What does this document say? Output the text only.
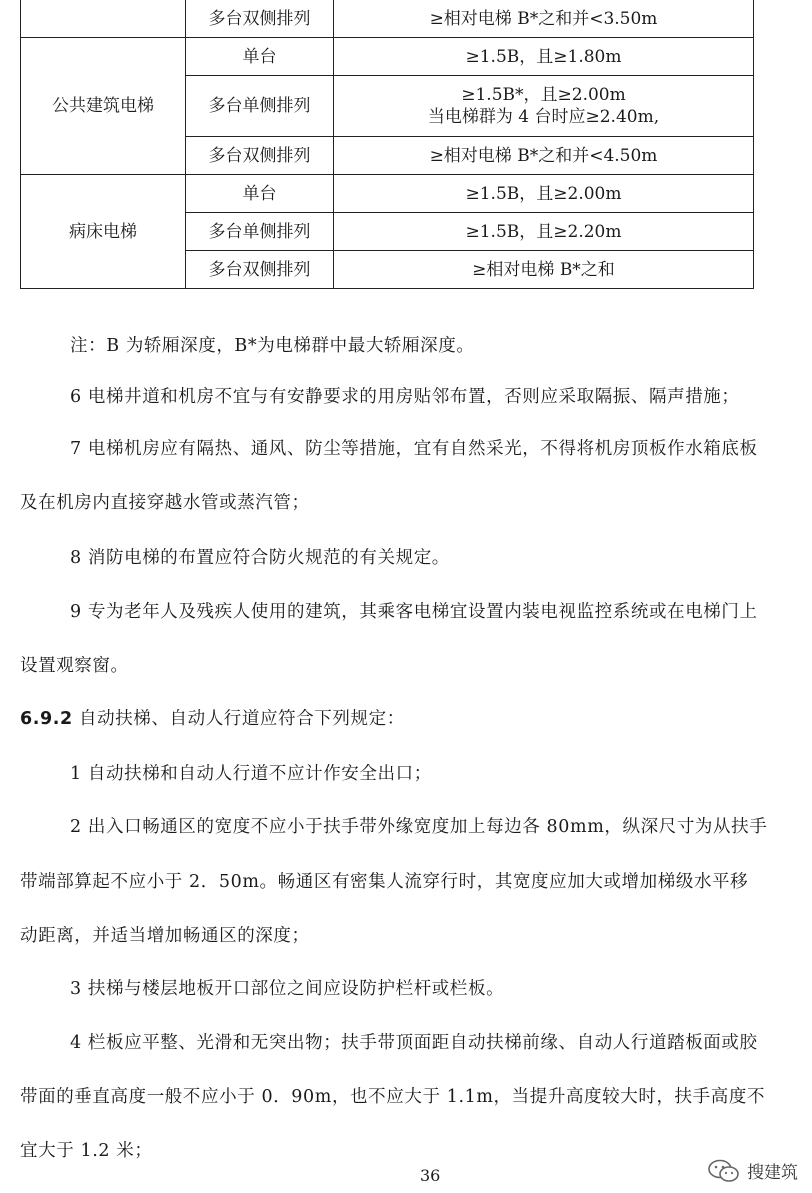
	多台双侧排列	≥相对电梯 B*之和并<3.50m
公共建筑电梯	单台	≥1.5B，且≥1.80m
	多台单侧排列	≥1.5B*，且≥2.00m
当电梯群为 4 台时应≥2.40m,

	多台双侧排列	≥相对电梯 B*之和并<4.50m
病床电梯	单台	≥1.5B，且≥2.00m
	多台单侧排列	≥1.5B，且≥2.20m
	多台双侧排列	≥相对电梯 B*之和
注：B 为轿厢深度，B*为电梯群中最大轿厢深度。
6 电梯井道和机房不宜与有安静要求的用房贴邻布置，否则应采取隔振、隔声措施；
7 电梯机房应有隔热、通风、防尘等措施，宜有自然采光，不得将机房顶板作水箱底板
及在机房内直接穿越水管或蒸汽管；
8 消防电梯的布置应符合防火规范的有关规定。
9 专为老年人及残疾人使用的建筑，其乘客电梯宜设置内装电视监控系统或在电梯门上
设置观察窗。
6.9.2 自动扶梯、自动人行道应符合下列规定：
1 自动扶梯和自动人行道不应计作安全出口；
2 出入口畅通区的宽度不应小于扶手带外缘宽度加上每边各 80mm，纵深尺寸为从扶手
带端部算起不应小于 2．50m。畅通区有密集人流穿行时，其宽度应加大或增加梯级水平移
动距离，并适当增加畅通区的深度；
3 扶梯与楼层地板开口部位之间应设防护栏杆或栏板。
4 栏板应平整、光滑和无突出物；扶手带顶面距自动扶梯前缘、自动人行道踏板面或胶
带面的垂直高度一般不应小于 0．90m，也不应大于 1.1m，当提升高度较大时，扶手高度不
宜大于 1.2 米；
36	搜建筑
